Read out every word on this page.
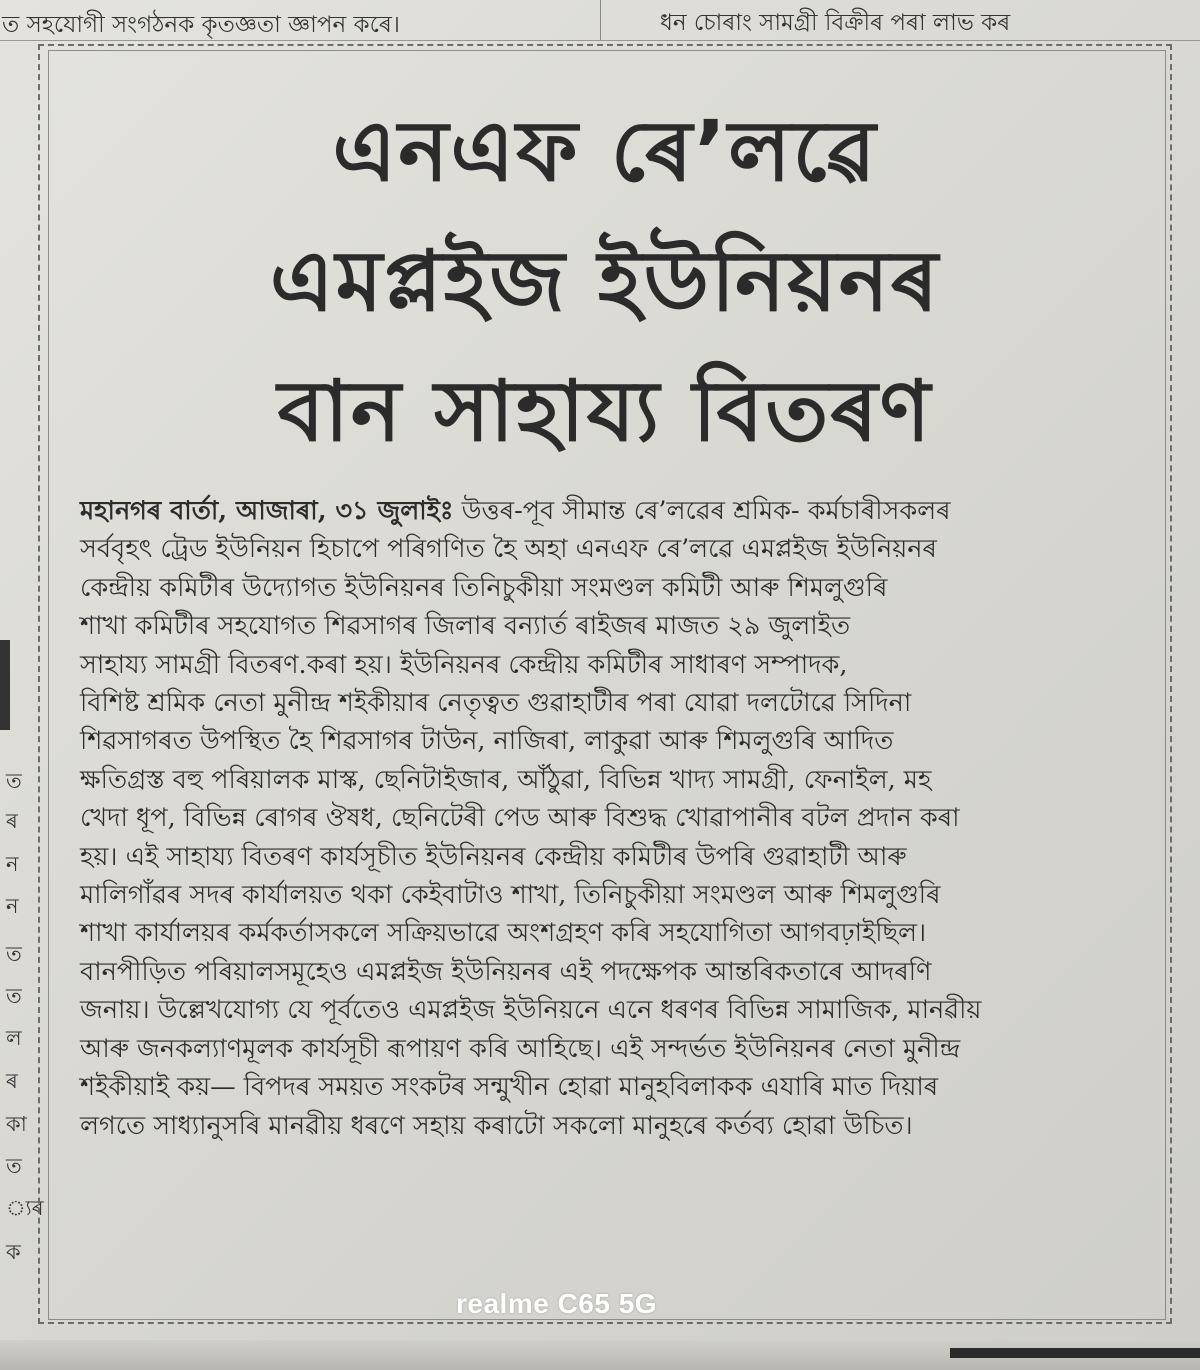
ত সহযোগী সংগঠনক কৃতজ্ঞতা জ্ঞাপন কৰে।	ধন চোৰাং সামগ্ৰী বিক্ৰীৰ পৰা লাভ কৰ
ত
ৰ
ন
ন
ত
ত
ল
ৰ
কা
ত
্যৰ
ক
এনএফ ৰে’লৱে
এমপ্লইজ ইউনিয়নৰ
বান সাহায্য বিতৰণ
মহানগৰ বাৰ্তা, আজাৰা, ৩১ জুলাইঃ উত্তৰ-পূব সীমান্ত ৰে’লৱেৰ শ্ৰমিক- কৰ্মচাৰীসকলৰ
সৰ্ববৃহৎ ট্ৰেড ইউনিয়ন হিচাপে পৰিগণিত হৈ অহা এনএফ ৰে’লৱে এমপ্লইজ ইউনিয়নৰ
কেন্দ্ৰীয় কমিটীৰ উদ্যোগত ইউনিয়নৰ তিনিচুকীয়া সংমণ্ডল কমিটী আৰু শিমলুগুৰি
শাখা কমিটীৰ সহযোগত শিৱসাগৰ জিলাৰ বন্যাৰ্ত ৰাইজৰ মাজত ২৯ জুলাইত
সাহায্য সামগ্ৰী বিতৰণ.কৰা হয়। ইউনিয়নৰ কেন্দ্ৰীয় কমিটীৰ সাধাৰণ সম্পাদক,
বিশিষ্ট শ্ৰমিক নেতা মুনীন্দ্ৰ শইকীয়াৰ নেতৃত্বত গুৱাহাটীৰ পৰা যোৱা দলটোৱে সিদিনা
শিৱসাগৰত উপস্থিত হৈ শিৱসাগৰ টাউন, নাজিৰা, লাকুৱা আৰু শিমলুগুৰি আদিত
ক্ষতিগ্ৰস্ত বহু পৰিয়ালক মাস্ক, ছেনিটাইজাৰ, আঁঠুৱা, বিভিন্ন খাদ্য সামগ্ৰী, ফেনাইল, মহ
খেদা ধূপ, বিভিন্ন ৰোগৰ ঔষধ, ছেনিটেৰী পেড আৰু বিশুদ্ধ খোৱাপানীৰ বটল প্ৰদান কৰা
হয়। এই সাহায্য বিতৰণ কাৰ্যসূচীত ইউনিয়নৰ কেন্দ্ৰীয় কমিটীৰ উপৰি গুৱাহাটী আৰু
মালিগাঁৱৰ সদৰ কাৰ্যালয়ত থকা কেইবাটাও শাখা, তিনিচুকীয়া সংমণ্ডল আৰু শিমলুগুৰি
শাখা কাৰ্যালয়ৰ কৰ্মকৰ্তাসকলে সক্ৰিয়ভাৱে অংশগ্ৰহণ কৰি সহযোগিতা আগবঢ়াইছিল।
বানপীড়িত পৰিয়ালসমূহেও এমপ্লইজ ইউনিয়নৰ এই পদক্ষেপক আন্তৰিকতাৰে আদৰণি
জনায়। উল্লেখযোগ্য যে পূৰ্বতেও এমপ্লইজ ইউনিয়নে এনে ধৰণৰ বিভিন্ন সামাজিক, মানৱীয়
আৰু জনকল্যাণমূলক কাৰ্যসূচী ৰূপায়ণ কৰি আহিছে। এই সন্দৰ্ভত ইউনিয়নৰ নেতা মুনীন্দ্ৰ
শইকীয়াই কয়— বিপদৰ সময়ত সংকটৰ সন্মুখীন হোৱা মানুহবিলাকক এযাৰি মাত দিয়াৰ
লগতে সাধ্যানুসৰি মানৱীয় ধৰণে সহায় কৰাটো সকলো মানুহৰে কৰ্তব্য হোৱা উচিত।
realme C65 5G
